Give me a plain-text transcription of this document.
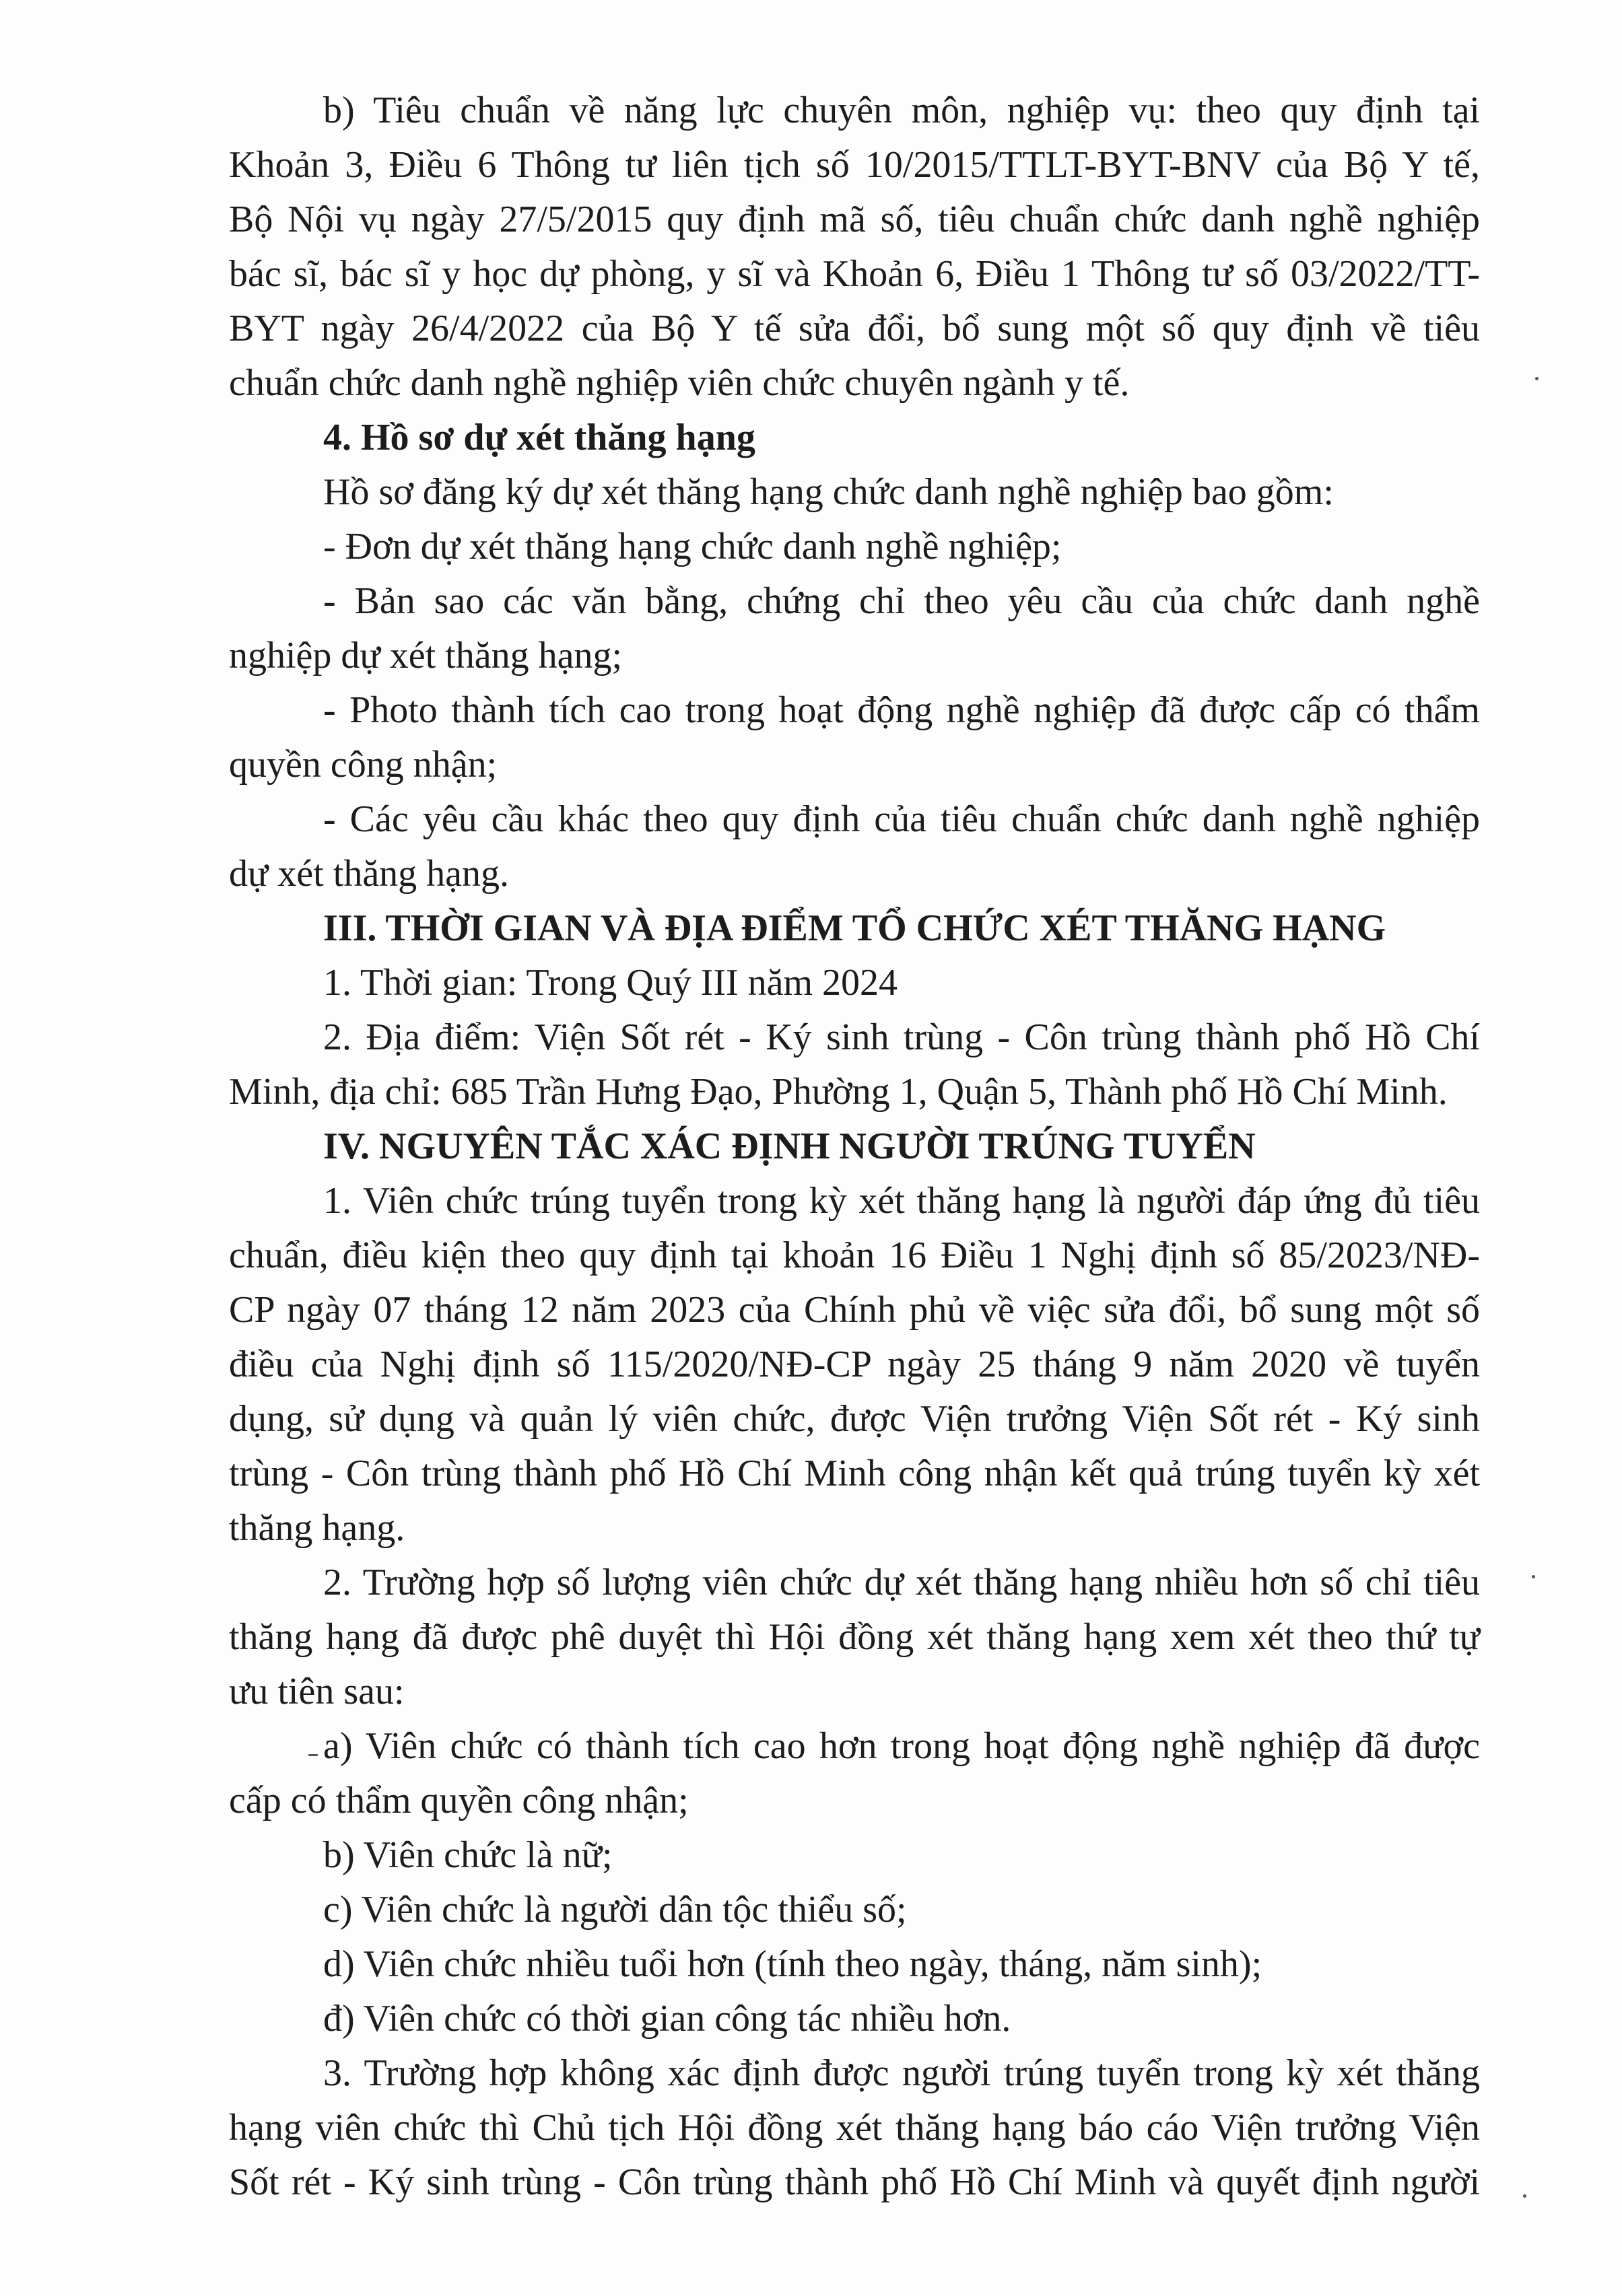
b) Tiêu chuẩn về năng lực chuyên môn, nghiệp vụ: theo quy định tại
Khoản 3, Điều 6 Thông tư liên tịch số 10/2015/TTLT-BYT-BNV của Bộ Y tế,
Bộ Nội vụ ngày 27/5/2015 quy định mã số, tiêu chuẩn chức danh nghề nghiệp
bác sĩ, bác sĩ y học dự phòng, y sĩ và Khoản 6, Điều 1 Thông tư số 03/2022/TT-
BYT ngày 26/4/2022 của Bộ Y tế sửa đổi, bổ sung một số quy định về tiêu
chuẩn chức danh nghề nghiệp viên chức chuyên ngành y tế.
4. Hồ sơ dự xét thăng hạng
Hồ sơ đăng ký dự xét thăng hạng chức danh nghề nghiệp bao gồm:
- Đơn dự xét thăng hạng chức danh nghề nghiệp;
- Bản sao các văn bằng, chứng chỉ theo yêu cầu của chức danh nghề
nghiệp dự xét thăng hạng;
- Photo thành tích cao trong hoạt động nghề nghiệp đã được cấp có thẩm
quyền công nhận;
- Các yêu cầu khác theo quy định của tiêu chuẩn chức danh nghề nghiệp
dự xét thăng hạng.
III. THỜI GIAN VÀ ĐỊA ĐIỂM TỔ CHỨC XÉT THĂNG HẠNG
1. Thời gian: Trong Quý III năm 2024
2. Địa điểm: Viện Sốt rét - Ký sinh trùng - Côn trùng thành phố Hồ Chí
Minh, địa chỉ: 685 Trần Hưng Đạo, Phường 1, Quận 5, Thành phố Hồ Chí Minh.
IV. NGUYÊN TẮC XÁC ĐỊNH NGƯỜI TRÚNG TUYỂN
1. Viên chức trúng tuyển trong kỳ xét thăng hạng là người đáp ứng đủ tiêu
chuẩn, điều kiện theo quy định tại khoản 16 Điều 1 Nghị định số 85/2023/NĐ-
CP ngày 07 tháng 12 năm 2023 của Chính phủ về việc sửa đổi, bổ sung một số
điều của Nghị định số 115/2020/NĐ-CP ngày 25 tháng 9 năm 2020 về tuyển
dụng, sử dụng và quản lý viên chức, được Viện trưởng Viện Sốt rét - Ký sinh
trùng - Côn trùng thành phố Hồ Chí Minh công nhận kết quả trúng tuyển kỳ xét
thăng hạng.
2. Trường hợp số lượng viên chức dự xét thăng hạng nhiều hơn số chỉ tiêu
thăng hạng đã được phê duyệt thì Hội đồng xét thăng hạng xem xét theo thứ tự
ưu tiên sau:
a) Viên chức có thành tích cao hơn trong hoạt động nghề nghiệp đã được
cấp có thẩm quyền công nhận;
b) Viên chức là nữ;
c) Viên chức là người dân tộc thiểu số;
d) Viên chức nhiều tuổi hơn (tính theo ngày, tháng, năm sinh);
đ) Viên chức có thời gian công tác nhiều hơn.
3. Trường hợp không xác định được người trúng tuyển trong kỳ xét thăng
hạng viên chức thì Chủ tịch Hội đồng xét thăng hạng báo cáo Viện trưởng Viện
Sốt rét - Ký sinh trùng - Côn trùng thành phố Hồ Chí Minh và quyết định người
